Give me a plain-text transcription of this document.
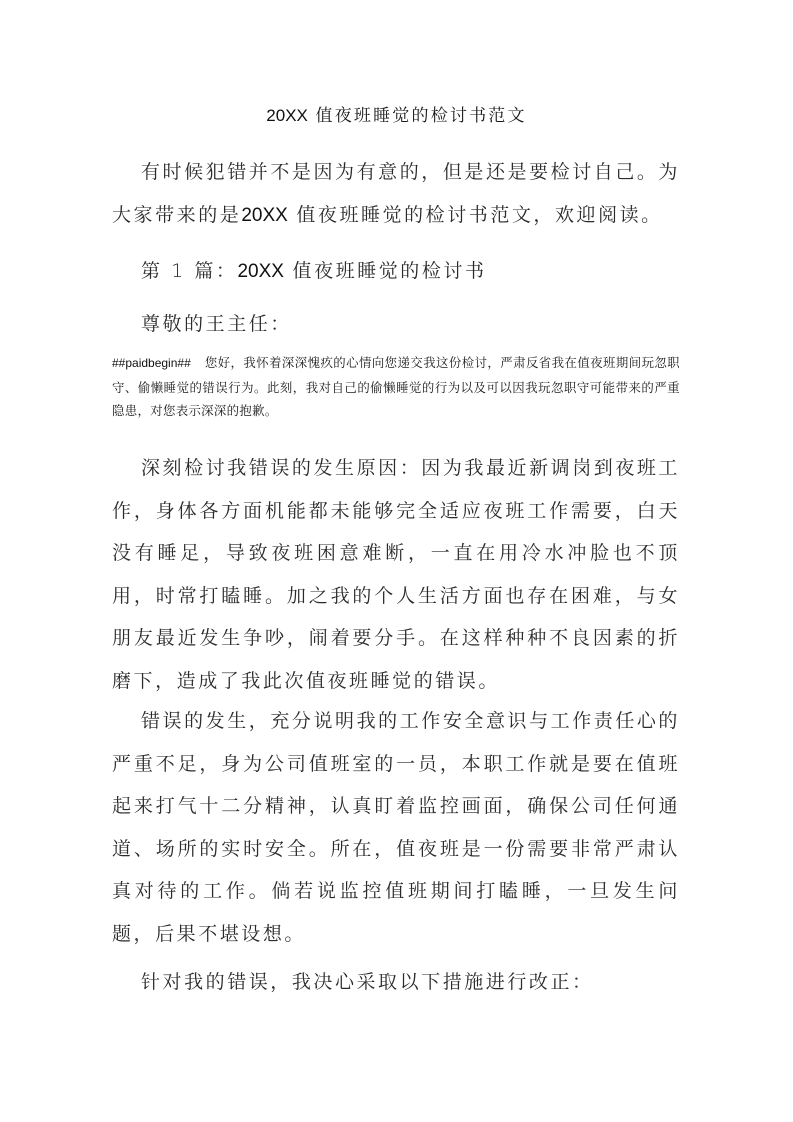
20XX 值夜班睡觉的检讨书范文
有时候犯错并不是因为有意的，但是还是要检讨自己。为大家带来的是20XX 值夜班睡觉的检讨书范文，欢迎阅读。
第 1 篇：20XX 值夜班睡觉的检讨书
尊敬的王主任：
##paidbegin## 您好，我怀着深深愧疚的心情向您递交我这份检讨，严肃反省我在值夜班期间玩忽职守、偷懒睡觉的错误行为。此刻，我对自己的偷懒睡觉的行为以及可以因我玩忽职守可能带来的严重隐患，对您表示深深的抱歉。
深刻检讨我错误的发生原因：因为我最近新调岗到夜班工作，身体各方面机能都未能够完全适应夜班工作需要，白天没有睡足，导致夜班困意难断，一直在用冷水冲脸也不顶用，时常打瞌睡。加之我的个人生活方面也存在困难，与女朋友最近发生争吵，闹着要分手。在这样种种不良因素的折磨下，造成了我此次值夜班睡觉的错误。
错误的发生，充分说明我的工作安全意识与工作责任心的严重不足，身为公司值班室的一员，本职工作就是要在值班起来打气十二分精神，认真盯着监控画面，确保公司任何通道、场所的实时安全。所在，值夜班是一份需要非常严肃认真对待的工作。倘若说监控值班期间打瞌睡，一旦发生问题，后果不堪设想。
针对我的错误，我决心采取以下措施进行改正：
